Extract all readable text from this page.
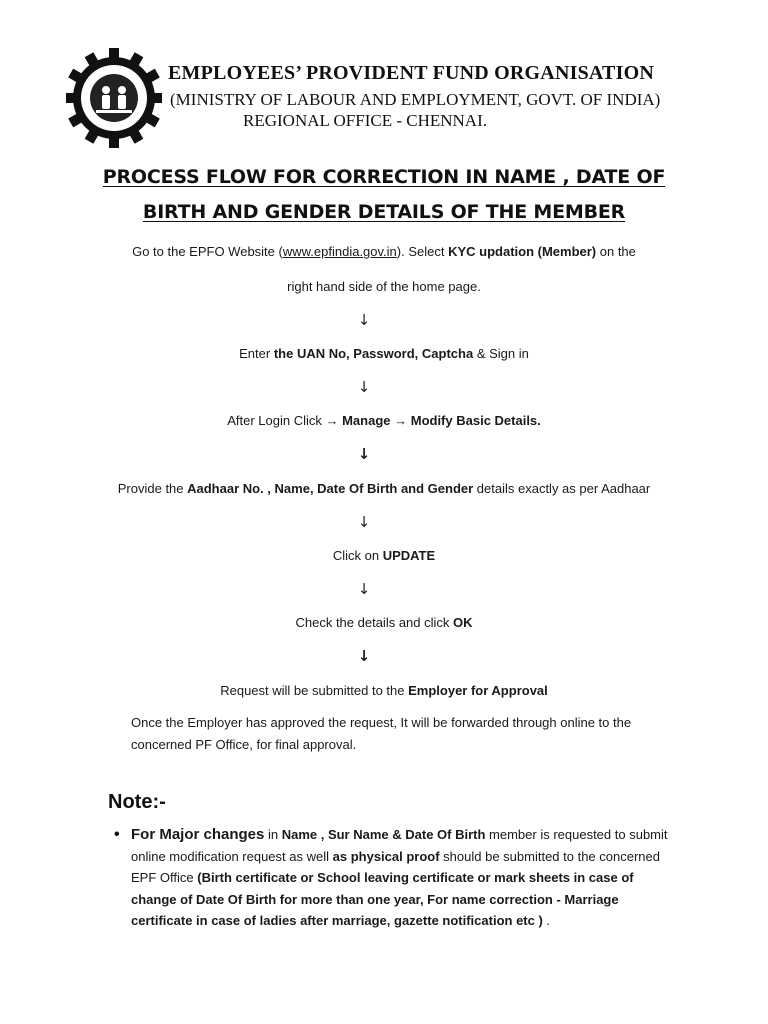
EMPLOYEES’ PROVIDENT FUND ORGANISATION
(MINISTRY OF LABOUR AND EMPLOYMENT, GOVT. OF INDIA)
REGIONAL OFFICE - CHENNAI.
PROCESS FLOW FOR CORRECTION IN NAME , DATE OF
BIRTH AND GENDER DETAILS OF THE MEMBER
Go to the EPFO Website (www.epfindia.gov.in). Select KYC updation (Member) on the
right hand side of the home page.
↓
Enter the UAN No, Password, Captcha & Sign in
↓
After Login Click → Manage → Modify Basic Details.
↓
Provide the Aadhaar No. , Name, Date Of Birth and Gender details exactly as per Aadhaar
↓
Click on UPDATE
↓
Check the details and click OK
↓
Request will be submitted to the Employer for Approval
Once the Employer has approved the request, It will be forwarded through online to the concerned PF Office, for final approval.
Note:-
• For Major changes in Name , Sur Name & Date Of Birth member is requested to submit online modification request as well as physical proof should be submitted to the concerned EPF Office (Birth certificate or School leaving certificate or mark sheets in case of change of Date Of Birth for more than one year, For name correction - Marriage certificate in case of ladies after marriage, gazette notification etc ) .
